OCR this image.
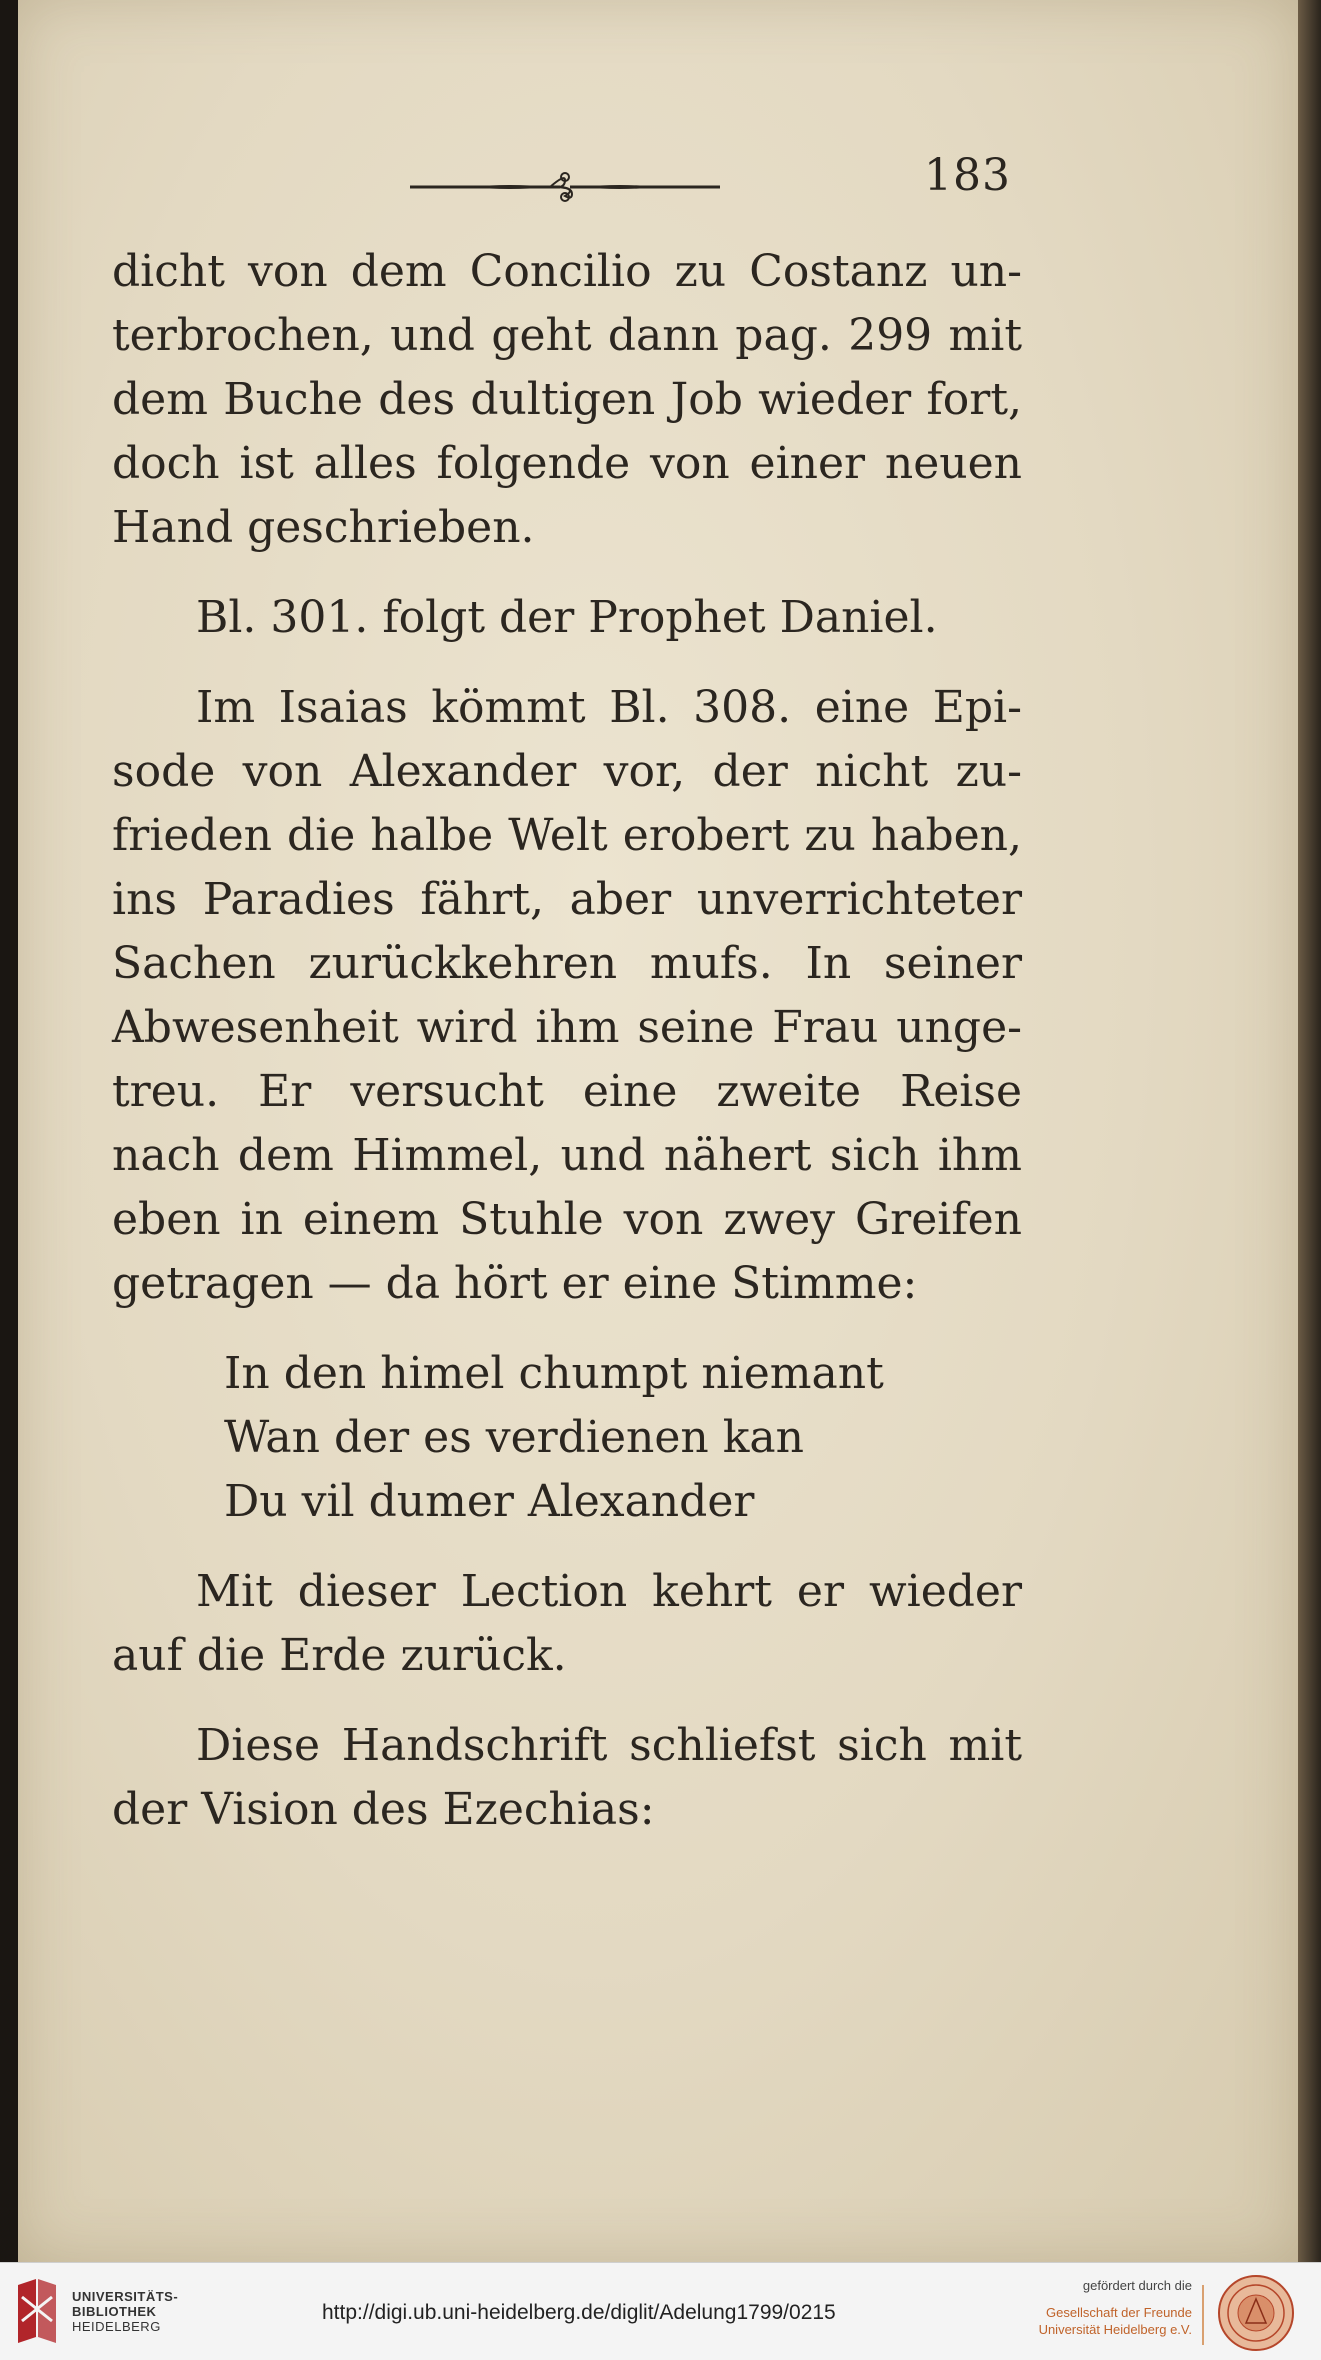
183
dicht von dem Concilio zu Costanz un-
terbrochen, und geht dann pag. 299 mit
dem Buche des dultigen Job wieder fort,
doch ist alles folgende von einer neuen
Hand geschrieben.
Bl. 301. folgt der Prophet Daniel.
Im Isaias kömmt Bl. 308. eine Epi-
sode von Alexander vor, der nicht zu-
frieden die halbe Welt erobert zu haben,
ins Paradies fährt, aber unverrichteter
Sachen zurückkehren mufs. In seiner
Abwesenheit wird ihm seine Frau unge-
treu. Er versucht eine zweite Reise
nach dem Himmel, und nähert sich ihm
eben in einem Stuhle von zwey Greifen
getragen — da hört er eine Stimme:
In den himel chumpt niemant
Wan der es verdienen kan
Du vil dumer Alexander
Mit dieser Lection kehrt er wieder
auf die Erde zurück.
Diese Handschrift schliefst sich mit
der Vision des Ezechias:
UNIVERSITÄTS-
BIBLIOTHEK
HEIDELBERG
http://digi.ub.uni-heidelberg.de/diglit/Adelung1799/0215
gefördert durch die
Gesellschaft der Freunde
Universität Heidelberg e.V.
